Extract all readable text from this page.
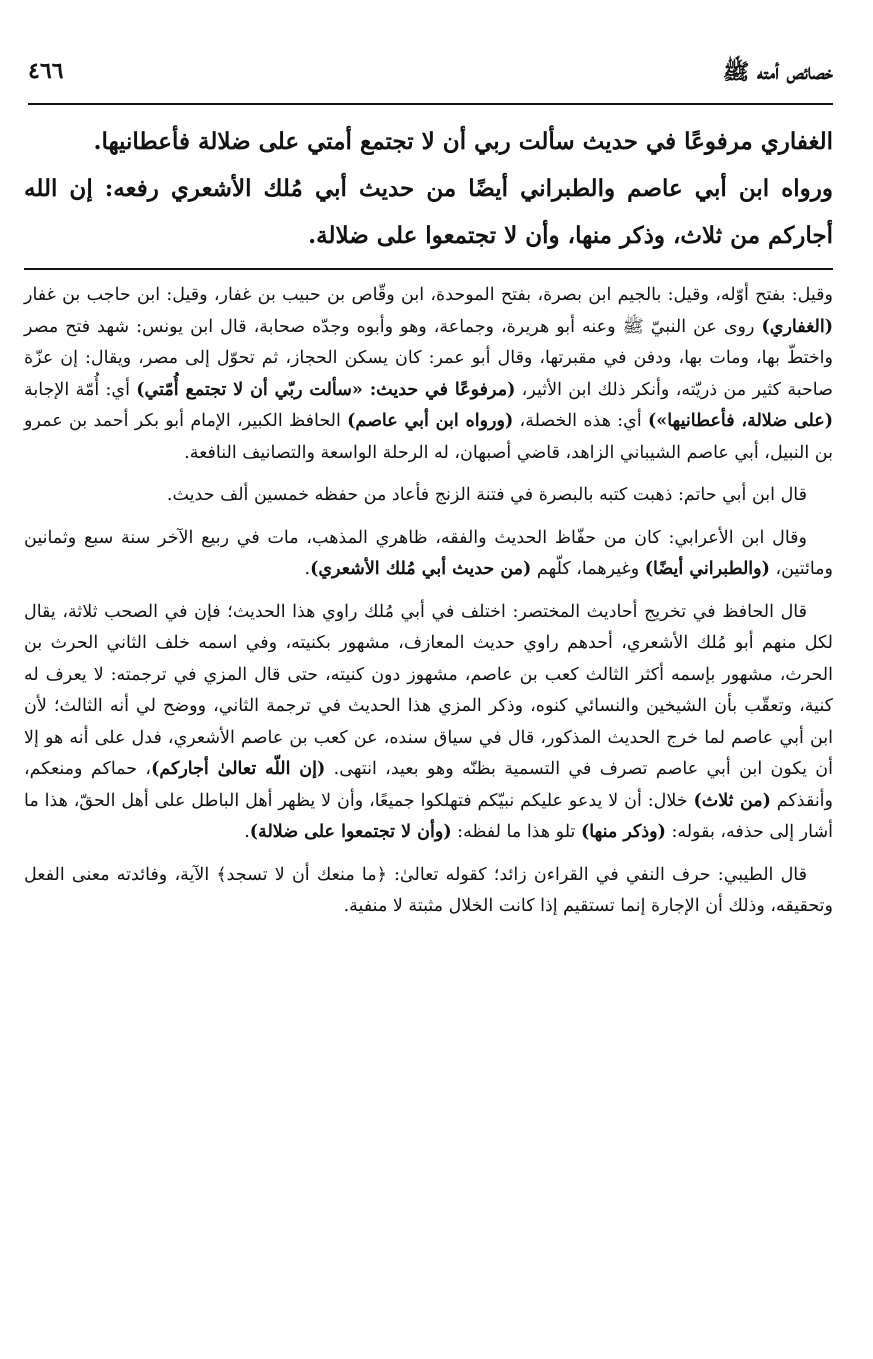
خصائص أمته ﷺ
٤٦٦

الغفاري مرفوعًا في حديث سألت ربي أن لا تجتمع أمتي على ضلالة فأعطانيها.

ورواه ابن أبي عاصم والطبراني أيضًا من حديث أبي مُلك الأشعري رفعه: إن الله أجاركم من ثلاث، وذكر منها، وأن لا تجتمعوا على ضلالة.

وقيل: بفتح أوّله، وقيل: بالجيم ابن بصرة، بفتح الموحدة، ابن وقّاص بن حبيب بن غفار، وقيل: ابن حاجب بن غفار (الغفاري) روى عن النبيّ ﷺ وعنه أبو هريرة، وجماعة، وهو وأبوه وجدّه صحابة، قال ابن يونس: شهد فتح مصر واختطّ بها، ومات بها، ودفن في مقبرتها، وقال أبو عمر: كان يسكن الحجاز، ثم تحوّل إلى مصر، ويقال: إن عزّة صاحبة كثير من ذريّته، وأنكر ذلك ابن الأثير، (مرفوعًا في حديث: «سألت ربّي أن لا تجتمع أُمّتي) أي: أُمّة الإجابة (على ضلالة، فأعطانيها») أي: هذه الخصلة، (ورواه ابن أبي عاصم) الحافظ الكبير، الإمام أبو بكر أحمد بن عمرو بن النبيل، أبي عاصم الشيباني الزاهد، قاضي أصبهان، له الرحلة الواسعة والتصانيف النافعة.

قال ابن أبي حاتم: ذهبت كتبه بالبصرة في فتنة الزنج فأعاد من حفظه خمسين ألف حديث.

وقال ابن الأعرابي: كان من حفّاظ الحديث والفقه، ظاهري المذهب، مات في ربيع الآخر سنة سبع وثمانين ومائتين، (والطبراني أيضًا) وغيرهما، كلّهم (من حديث أبي مُلك الأشعري).

قال الحافظ في تخريج أحاديث المختصر: اختلف في أبي مُلك راوي هذا الحديث؛ فإن في الصحب ثلاثة، يقال لكل منهم أبو مُلك الأشعري، أحدهم راوي حديث المعازف، مشهور بكنيته، وفي اسمه خلف الثاني الحرث بن الحرث، مشهور بإسمه أكثر الثالث كعب بن عاصم، مشهوز دون كنيته، حتى قال المزي في ترجمته: لا يعرف له كنية، وتعقّب بأن الشيخين والنسائي كنوه، وذكر المزي هذا الحديث في ترجمة الثاني، ووضح لي أنه الثالث؛ لأن ابن أبي عاصم لما خرج الحديث المذكور، قال في سياق سنده، عن كعب بن عاصم الأشعري، فدل على أنه هو إلا أن يكون ابن أبي عاصم تصرف في التسمية بظنّه وهو بعيد، انتهى. (إن اللّه تعالىٰ أجاركم)، حماكم ومنعكم، وأنقذكم (من ثلاث) خلال: أن لا يدعو عليكم نبيّكم فتهلكوا جميعًا، وأن لا يظهر أهل الباطل على أهل الحقّ، هذا ما أشار إلى حذفه، بقوله: (وذكر منها) تلو هذا ما لفظه: (وأن لا تجتمعوا على ضلالة).

قال الطيبي: حرف النفي في القراءن زائد؛ كقوله تعالىٰ: ﴿ما منعك أن لا تسجد﴾ الآية، وفائدته معنى الفعل وتحقيقه، وذلك أن الإجارة إنما تستقيم إذا كانت الخلال مثبتة لا منفية.
